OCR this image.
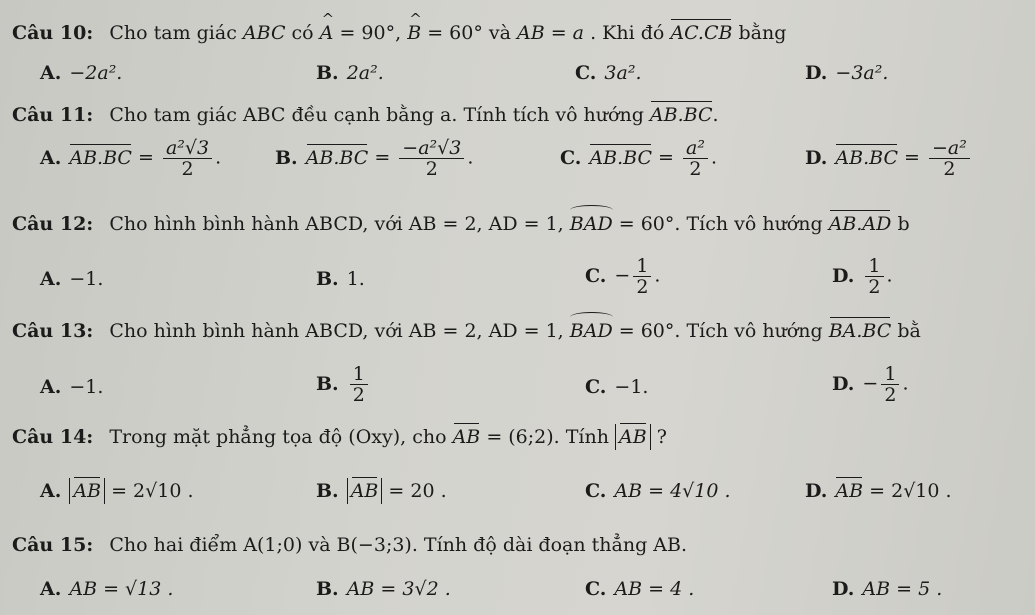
Câu 10: Cho tam giác ABC có ^ A = 90°, ^ B = 60° và AB = a . Khi đó AC.CB bằng
A. −2a².	B. 2a².	C. 3a².	D. −3a².
Câu 11: Cho tam giác ABC đều cạnh bằng a. Tính tích vô hướng AB.BC.
A. $AB.BC = \frac{\text{a²√3}}{2}$ .	B. $AB.BC = \frac{\text{−a²√3}}{2}$ .	C. $AB.BC = \frac{\text{a²}}{2}$ .	D. $AB.BC = \frac{\text{−a²}}{2}$
Câu 12: Cho hình bình hành ABCD, với AB = 2, AD = 1, BAD = 60°. Tích vô hướng AB.AD b
A. −1.	B. 1.	C. − $\frac{1}{2}$ .	D. $\frac{1}{2}$ .
Câu 13: Cho hình bình hành ABCD, với AB = 2, AD = 1, BAD = 60°. Tích vô hướng BA.BC bằ
A. −1.	B. $\frac{1}{2}$	C. −1.	D. − $\frac{1}{2}$ .
Câu 14: Trong mặt phẳng tọa độ (Oxy), cho AB = (6;2). Tính AB ?
A. AB = 2√10 .	B. AB = 20 .	C. AB = 4√10 .	D. AB = 2√10 .
Câu 15: Cho hai điểm A(1;0) và B(−3;3). Tính độ dài đoạn thẳng AB.
A. AB = √13 .	B. AB = 3√2 .	C. AB = 4 .	D. AB = 5 .
